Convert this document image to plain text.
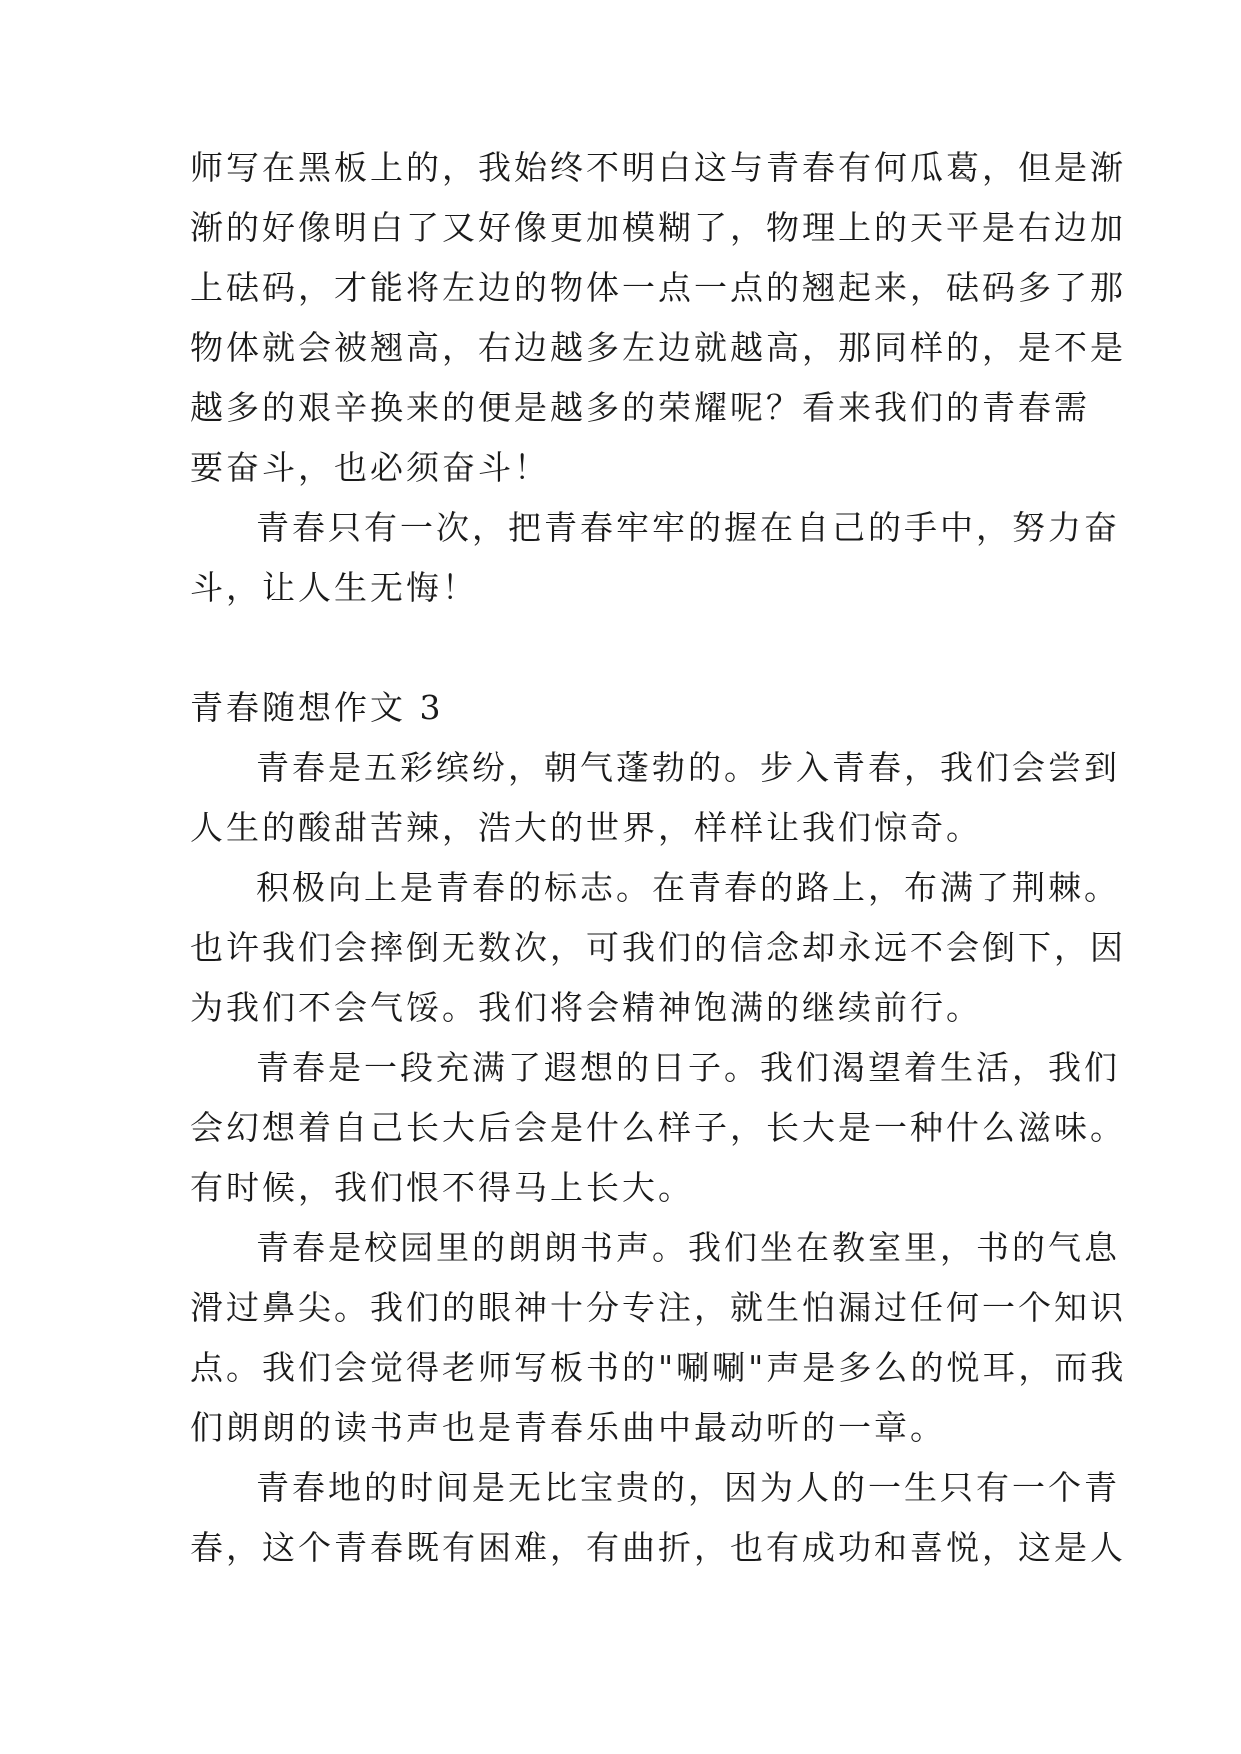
师写在黑板上的，我始终不明白这与青春有何瓜葛，但是渐
渐的好像明白了又好像更加模糊了，物理上的天平是右边加
上砝码，才能将左边的物体一点一点的翘起来，砝码多了那
物体就会被翘高，右边越多左边就越高，那同样的，是不是
越多的艰辛换来的便是越多的荣耀呢？看来我们的青春需
要奋斗，也必须奋斗！
青春只有一次，把青春牢牢的握在自己的手中，努力奋
斗，让人生无悔！
青春随想作文 3
青春是五彩缤纷，朝气蓬勃的。步入青春，我们会尝到
人生的酸甜苦辣，浩大的世界，样样让我们惊奇。
积极向上是青春的标志。在青春的路上，布满了荆棘。
也许我们会摔倒无数次，可我们的信念却永远不会倒下，因
为我们不会气馁。我们将会精神饱满的继续前行。
青春是一段充满了遐想的日子。我们渴望着生活，我们
会幻想着自己长大后会是什么样子，长大是一种什么滋味。
有时候，我们恨不得马上长大。
青春是校园里的朗朗书声。我们坐在教室里，书的气息
滑过鼻尖。我们的眼神十分专注，就生怕漏过任何一个知识
点。我们会觉得老师写板书的"唰唰"声是多么的悦耳，而我
们朗朗的读书声也是青春乐曲中最动听的一章。
青春地的时间是无比宝贵的，因为人的一生只有一个青
春，这个青春既有困难，有曲折，也有成功和喜悦，这是人
